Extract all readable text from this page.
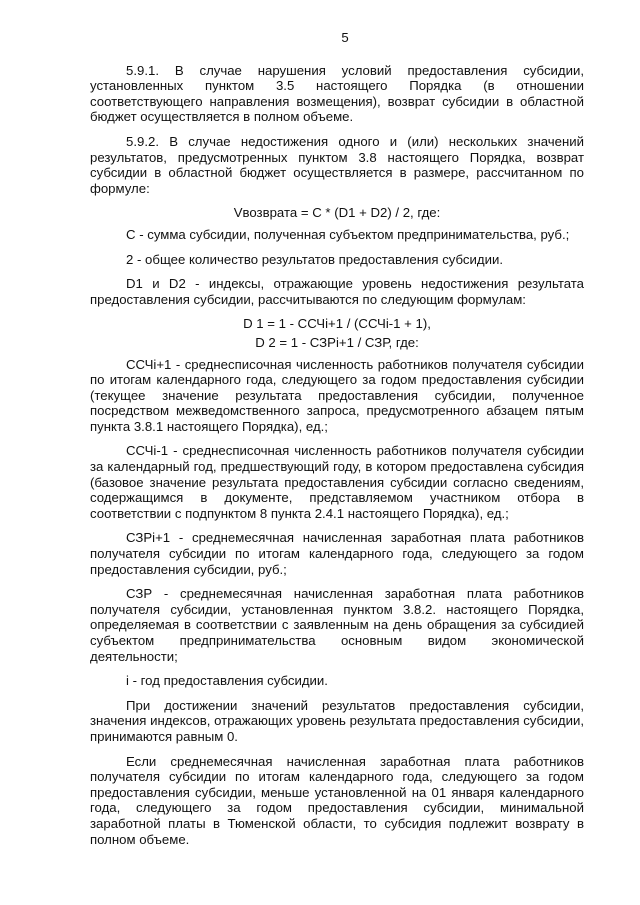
5

5.9.1. В случае нарушения условий предоставления субсидии, установленных пунктом 3.5 настоящего Порядка (в отношении соответствующего направления возмещения), возврат субсидии в областной бюджет осуществляется в полном объеме.

5.9.2. В случае недостижения одного и (или) нескольких значений результатов, предусмотренных пунктом 3.8 настоящего Порядка, возврат субсидии в областной бюджет осуществляется в размере, рассчитанном по формуле:

Vвозврата = C * (D1 + D2) / 2, где:

С - сумма субсидии, полученная субъектом предпринимательства, руб.;

2 - общее количество результатов предоставления субсидии.

D1 и D2 - индексы, отражающие уровень недостижения результата предоставления субсидии, рассчитываются по следующим формулам:

D 1 = 1 - ССЧi+1 / (ССЧi-1 + 1),

D 2 = 1 - СЗРi+1 / СЗР, где:

ССЧi+1 - среднесписочная численность работников получателя субсидии по итогам календарного года, следующего за годом предоставления субсидии (текущее значение результата предоставления субсидии, полученное посредством межведомственного запроса, предусмотренного абзацем пятым пункта 3.8.1 настоящего Порядка), ед.;

ССЧi-1 - среднесписочная численность работников получателя субсидии за календарный год, предшествующий году, в котором предоставлена субсидия (базовое значение результата предоставления субсидии согласно сведениям, содержащимся в документе, представляемом участником отбора в соответствии с подпунктом 8 пункта 2.4.1 настоящего Порядка), ед.;

СЗРi+1 - среднемесячная начисленная заработная плата работников получателя субсидии по итогам календарного года, следующего за годом предоставления субсидии, руб.;

СЗР - среднемесячная начисленная заработная плата работников получателя субсидии, установленная пунктом 3.8.2. настоящего Порядка, определяемая в соответствии с заявленным на день обращения за субсидией субъектом предпринимательства основным видом экономической деятельности;

i - год предоставления субсидии.

При достижении значений результатов предоставления субсидии, значения индексов, отражающих уровень результата предоставления субсидии, принимаются равным 0.

Если среднемесячная начисленная заработная плата работников получателя субсидии по итогам календарного года, следующего за годом предоставления субсидии, меньше установленной на 01 января календарного года, следующего за годом предоставления субсидии, минимальной заработной платы в Тюменской области, то субсидия подлежит возврату в полном объеме.
